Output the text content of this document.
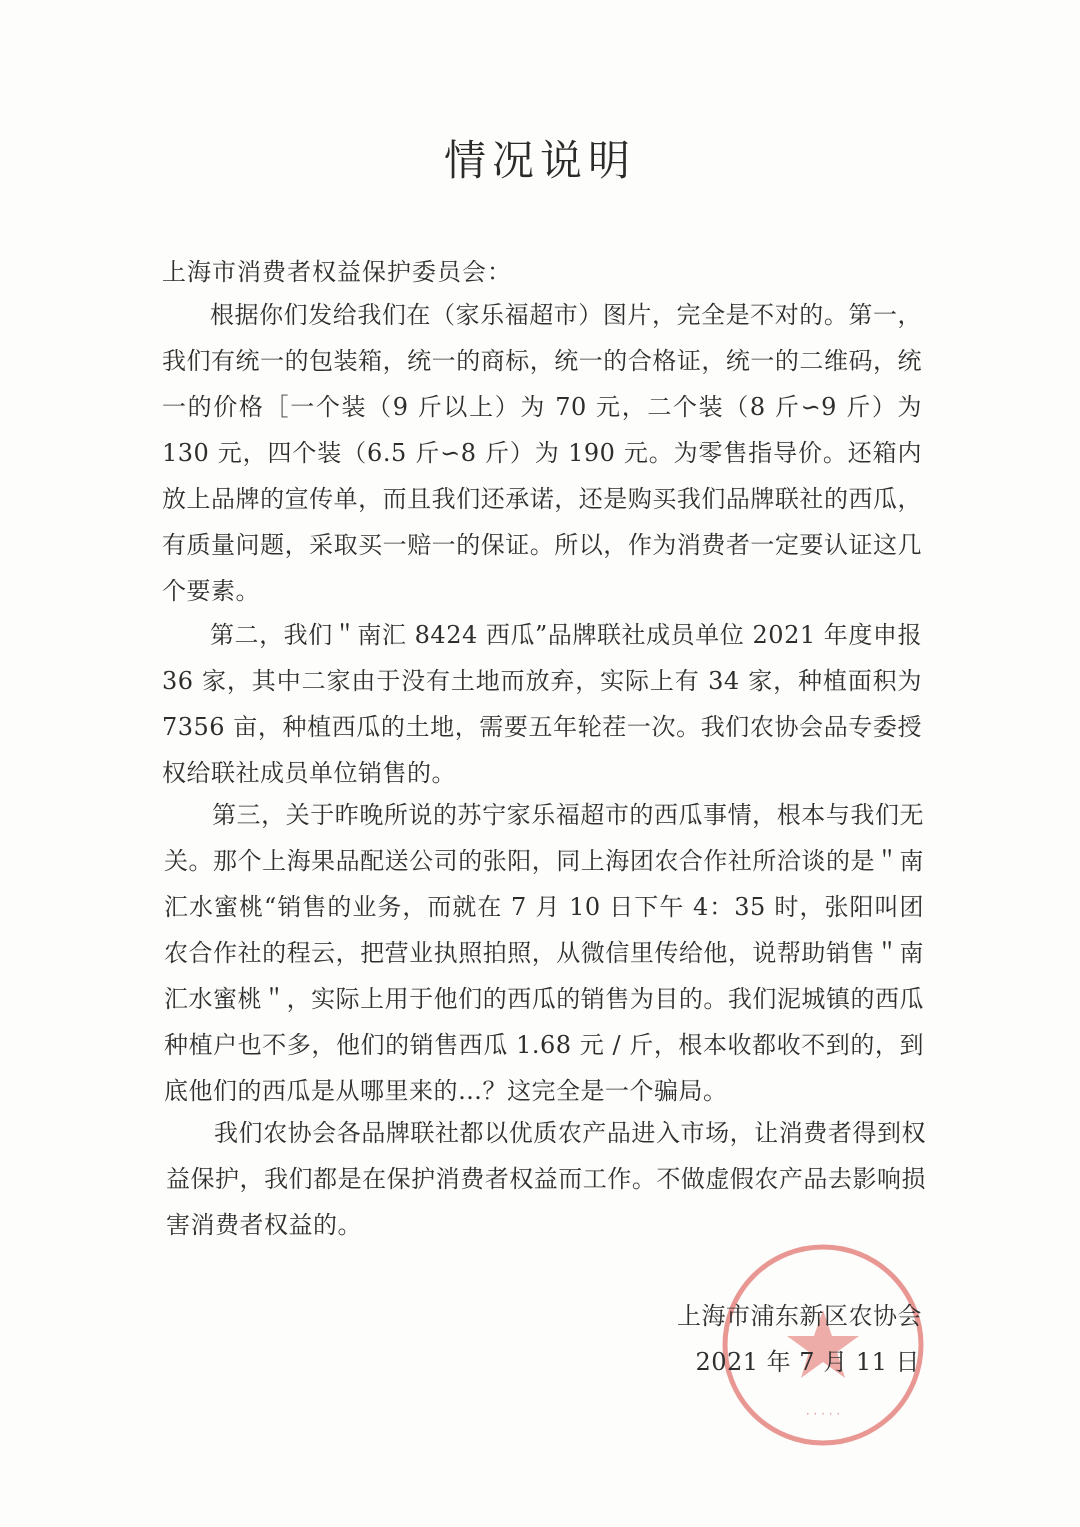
情况说明
上海市消费者权益保护委员会：

根据你们发给我们在（家乐福超市）图片，完全是不对的。第一，我们有统一的包装箱，统一的商标，统一的合格证，统一的二维码，统一的价格［一个装（9 斤以上）为 70 元，二个装（8 斤∽9 斤）为 130 元，四个装（6.5 斤∽8 斤）为 190 元。为零售指导价。还箱内放上品牌的宣传单，而且我们还承诺，还是购买我们品牌联社的西瓜，有质量问题，采取买一赔一的保证。所以，作为消费者一定要认证这几个要素。

第二，我们＂南汇 8424 西瓜”品牌联社成员单位 2021 年度申报 36 家，其中二家由于没有土地而放弃，实际上有 34 家，种植面积为 7356 亩，种植西瓜的土地，需要五年轮茬一次。我们农协会品专委授权给联社成员单位销售的。

第三，关于昨晚所说的苏宁家乐福超市的西瓜事情，根本与我们无关。那个上海果品配送公司的张阳，同上海团农合作社所洽谈的是＂南汇水蜜桃“销售的业务，而就在 7 月 10 日下午 4：35 时，张阳叫团农合作社的程云，把营业执照拍照，从微信里传给他，说帮助销售＂南汇水蜜桃＂，实际上用于他们的西瓜的销售为目的。我们泥城镇的西瓜种植户也不多，他们的销售西瓜 1.68 元 / 斤，根本收都收不到的，到底他们的西瓜是从哪里来的…？这完全是一个骗局。

我们农协会各品牌联社都以优质农产品进入市场，让消费者得到权益保护，我们都是在保护消费者权益而工作。不做虚假农产品去影响损害消费者权益的。

· · · · ·
上海市浦东新区农协会
2021 年 7 月 11 日
